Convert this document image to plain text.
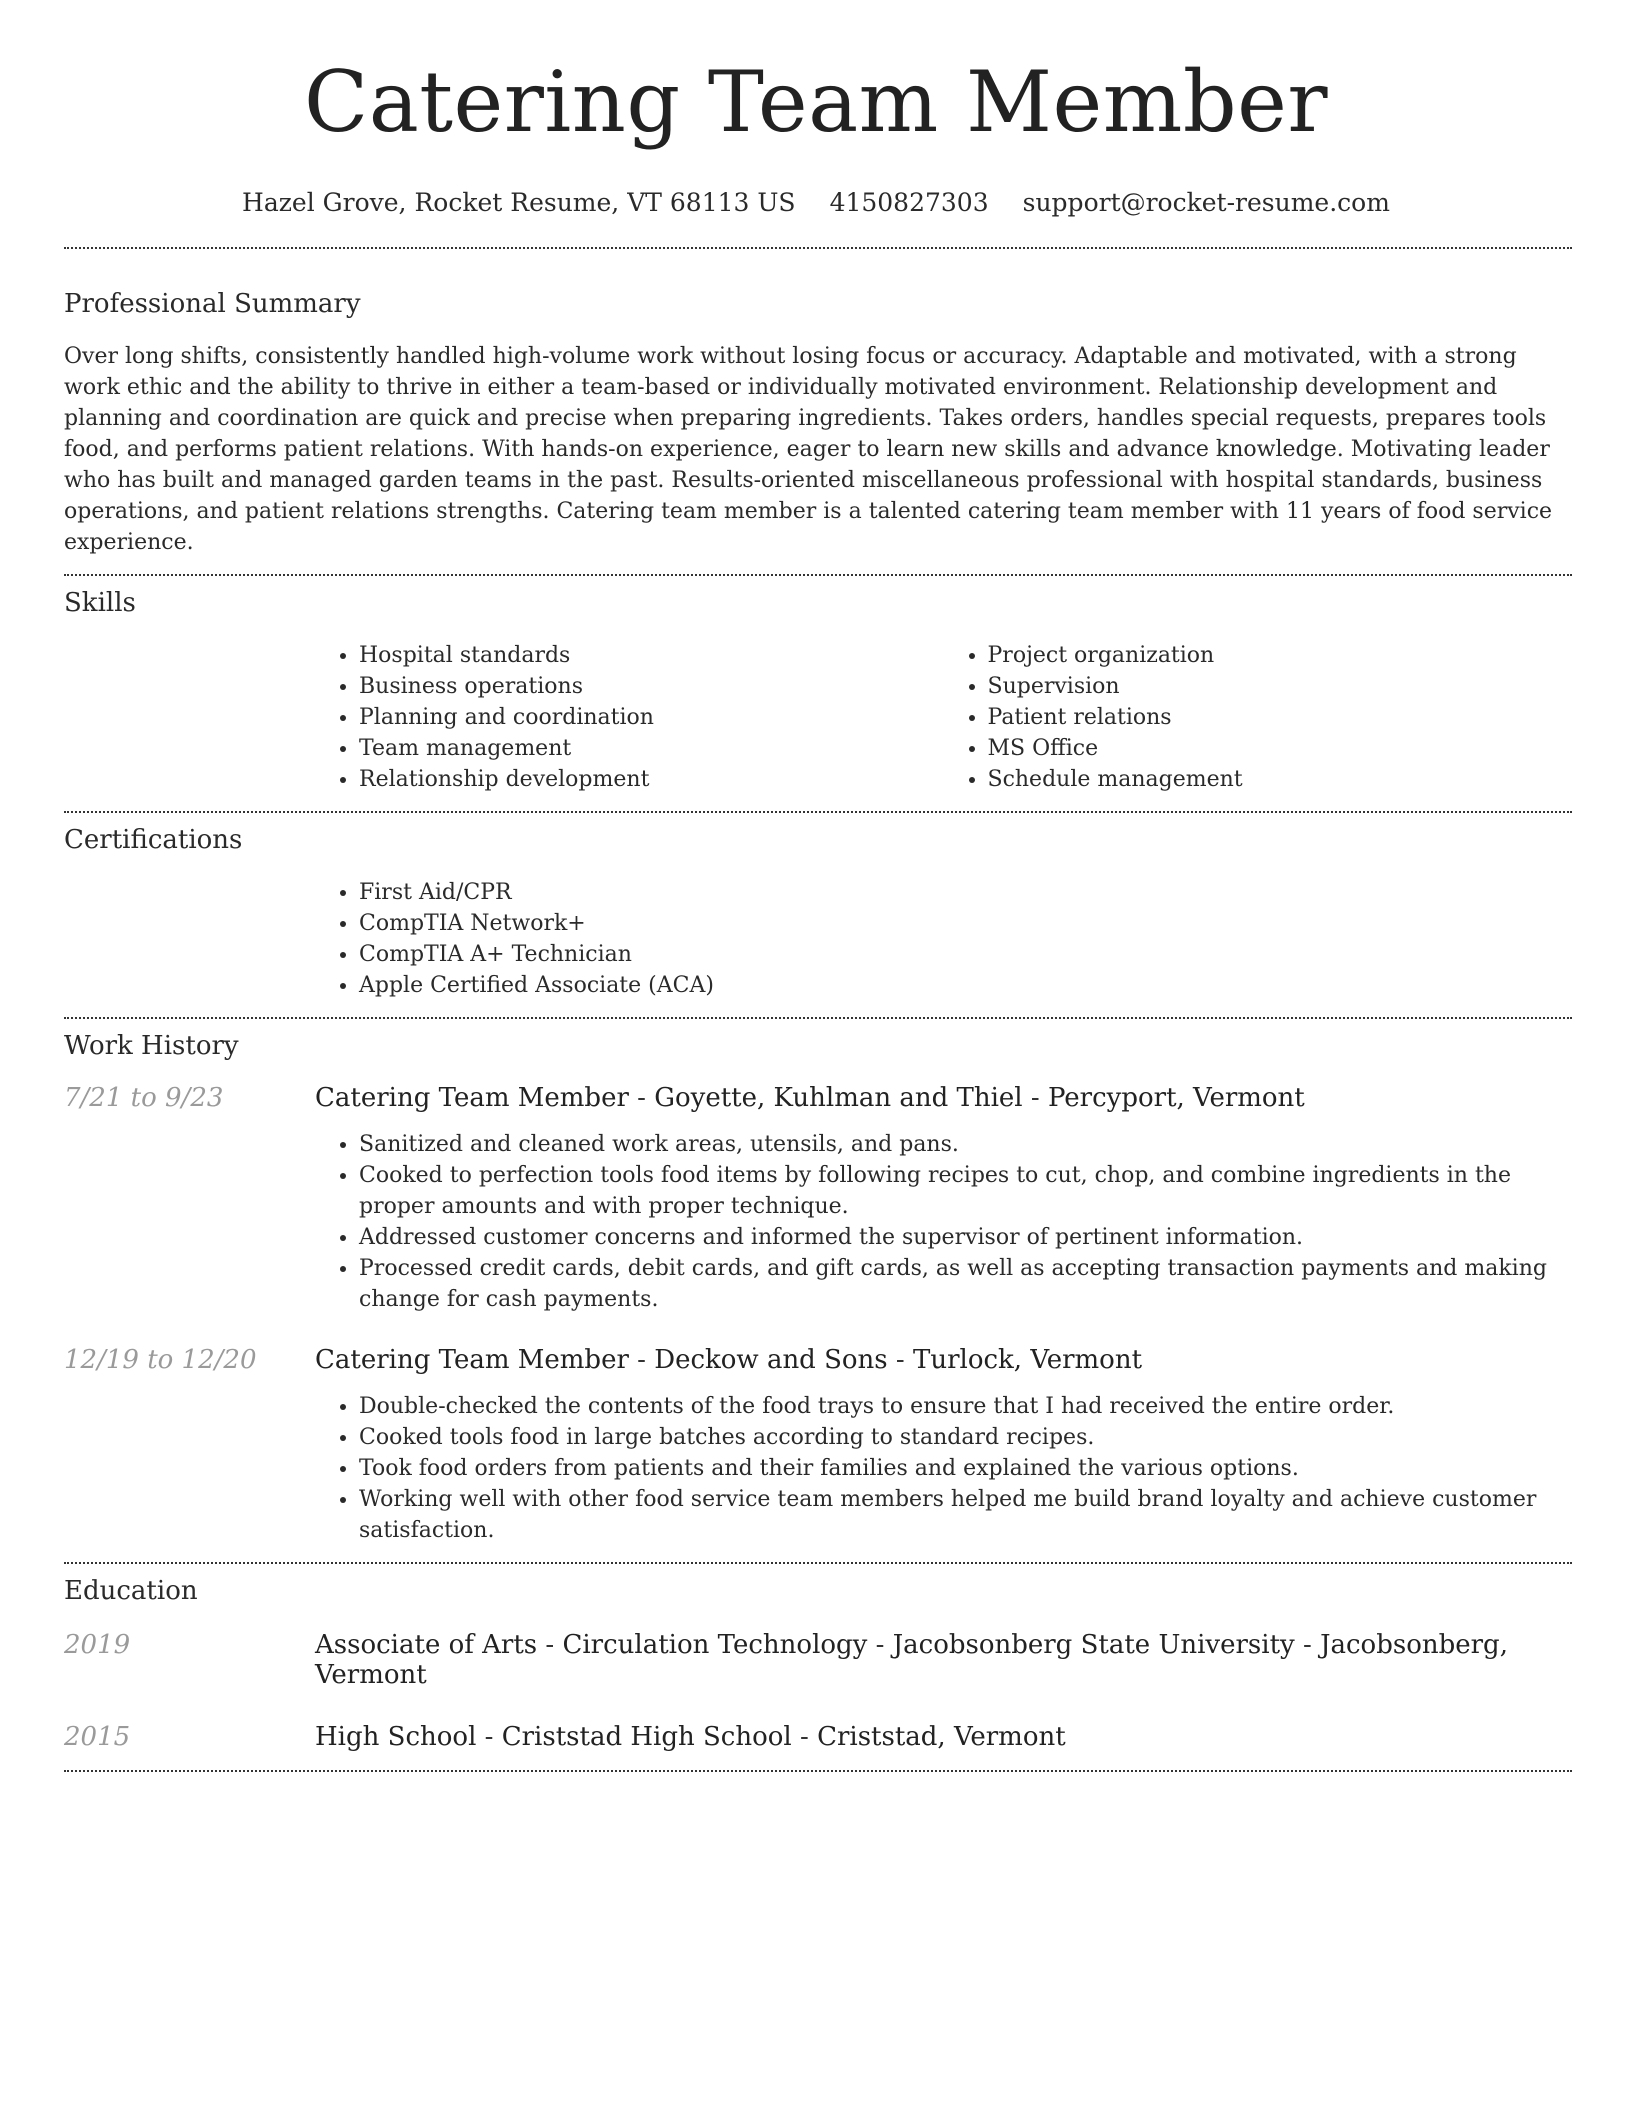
Catering Team Member
Hazel Grove, Rocket Resume, VT 68113 US 4150827303 support@rocket-resume.com
Professional Summary

Over long shifts, consistently handled high-volume work without losing focus or accuracy. Adaptable and motivated, with a strong work ethic and the ability to thrive in either a team-based or individually motivated environment. Relationship development and planning and coordination are quick and precise when preparing ingredients. Takes orders, handles special requests, prepares tools food, and performs patient relations. With hands-on experience, eager to learn new skills and advance knowledge. Motivating leader who has built and managed garden teams in the past. Results-oriented miscellaneous professional with hospital standards, business operations, and patient relations strengths. Catering team member is a talented catering team member with 11 years of food service experience.

Skills
• Hospital standards
• Business operations
• Planning and coordination
• Team management
• Relationship development
• Project organization
• Supervision
• Patient relations
• MS Office
• Schedule management
Certifications
• First Aid/CPR
• CompTIA Network+
• CompTIA A+ Technician
• Apple Certified Associate (ACA)
Work History
7/21 to 9/23	Catering Team Member - Goyette, Kuhlman and Thiel - Percyport, Vermont
• Sanitized and cleaned work areas, utensils, and pans.
• Cooked to perfection tools food items by following recipes to cut, chop, and combine ingredients in the proper amounts and with proper technique.
• Addressed customer concerns and informed the supervisor of pertinent information.
• Processed credit cards, debit cards, and gift cards, as well as accepting transaction payments and making change for cash payments.
12/19 to 12/20	Catering Team Member - Deckow and Sons - Turlock, Vermont
• Double-checked the contents of the food trays to ensure that I had received the entire order.
• Cooked tools food in large batches according to standard recipes.
• Took food orders from patients and their families and explained the various options.
• Working well with other food service team members helped me build brand loyalty and achieve customer satisfaction.
Education
2019	Associate of Arts - Circulation Technology - Jacobsonberg State University - Jacobsonberg, Vermont
2015	High School - Criststad High School - Criststad, Vermont
